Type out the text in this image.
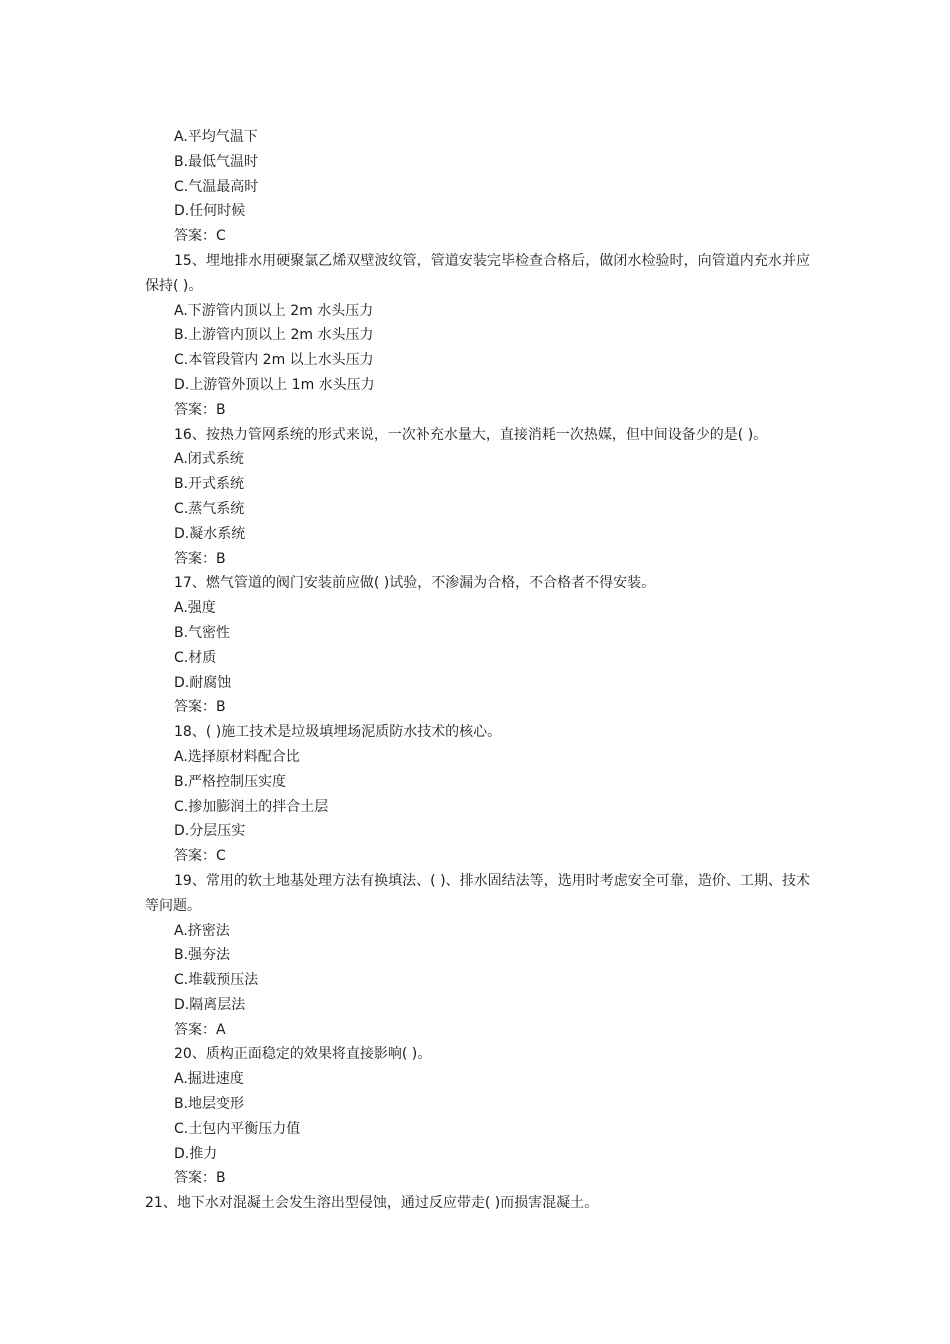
A.平均气温下
B.最低气温时
C.气温最高时
D.任何时候
答案：C
15、埋地排水用硬聚氯乙烯双壁波纹管，管道安装完毕检查合格后，做闭水检验时，向管道内充水并应保持( )。
A.下游管内顶以上 2m 水头压力
B.上游管内顶以上 2m 水头压力
C.本管段管内 2m 以上水头压力
D.上游管外顶以上 1m 水头压力
答案：B
16、按热力管网系统的形式来说，一次补充水量大，直接消耗一次热媒，但中间设备少的是( )。
A.闭式系统
B.开式系统
C.蒸气系统
D.凝水系统
答案：B
17、燃气管道的阀门安装前应做( )试验，不渗漏为合格，不合格者不得安装。
A.强度
B.气密性
C.材质
D.耐腐蚀
答案：B
18、( )施工技术是垃圾填埋场泥质防水技术的核心。
A.选择原材料配合比
B.严格控制压实度
C.掺加膨润土的拌合土层
D.分层压实
答案：C
19、常用的软土地基处理方法有换填法、( )、排水固结法等，选用时考虑安全可靠，造价、工期、技术等问题。
A.挤密法
B.强夯法
C.堆载预压法
D.隔离层法
答案：A
20、质构正面稳定的效果将直接影响( )。
A.掘进速度
B.地层变形
C.土包内平衡压力值
D.推力
答案：B
21、地下水对混凝土会发生溶出型侵蚀，通过反应带走( )而损害混凝土。
